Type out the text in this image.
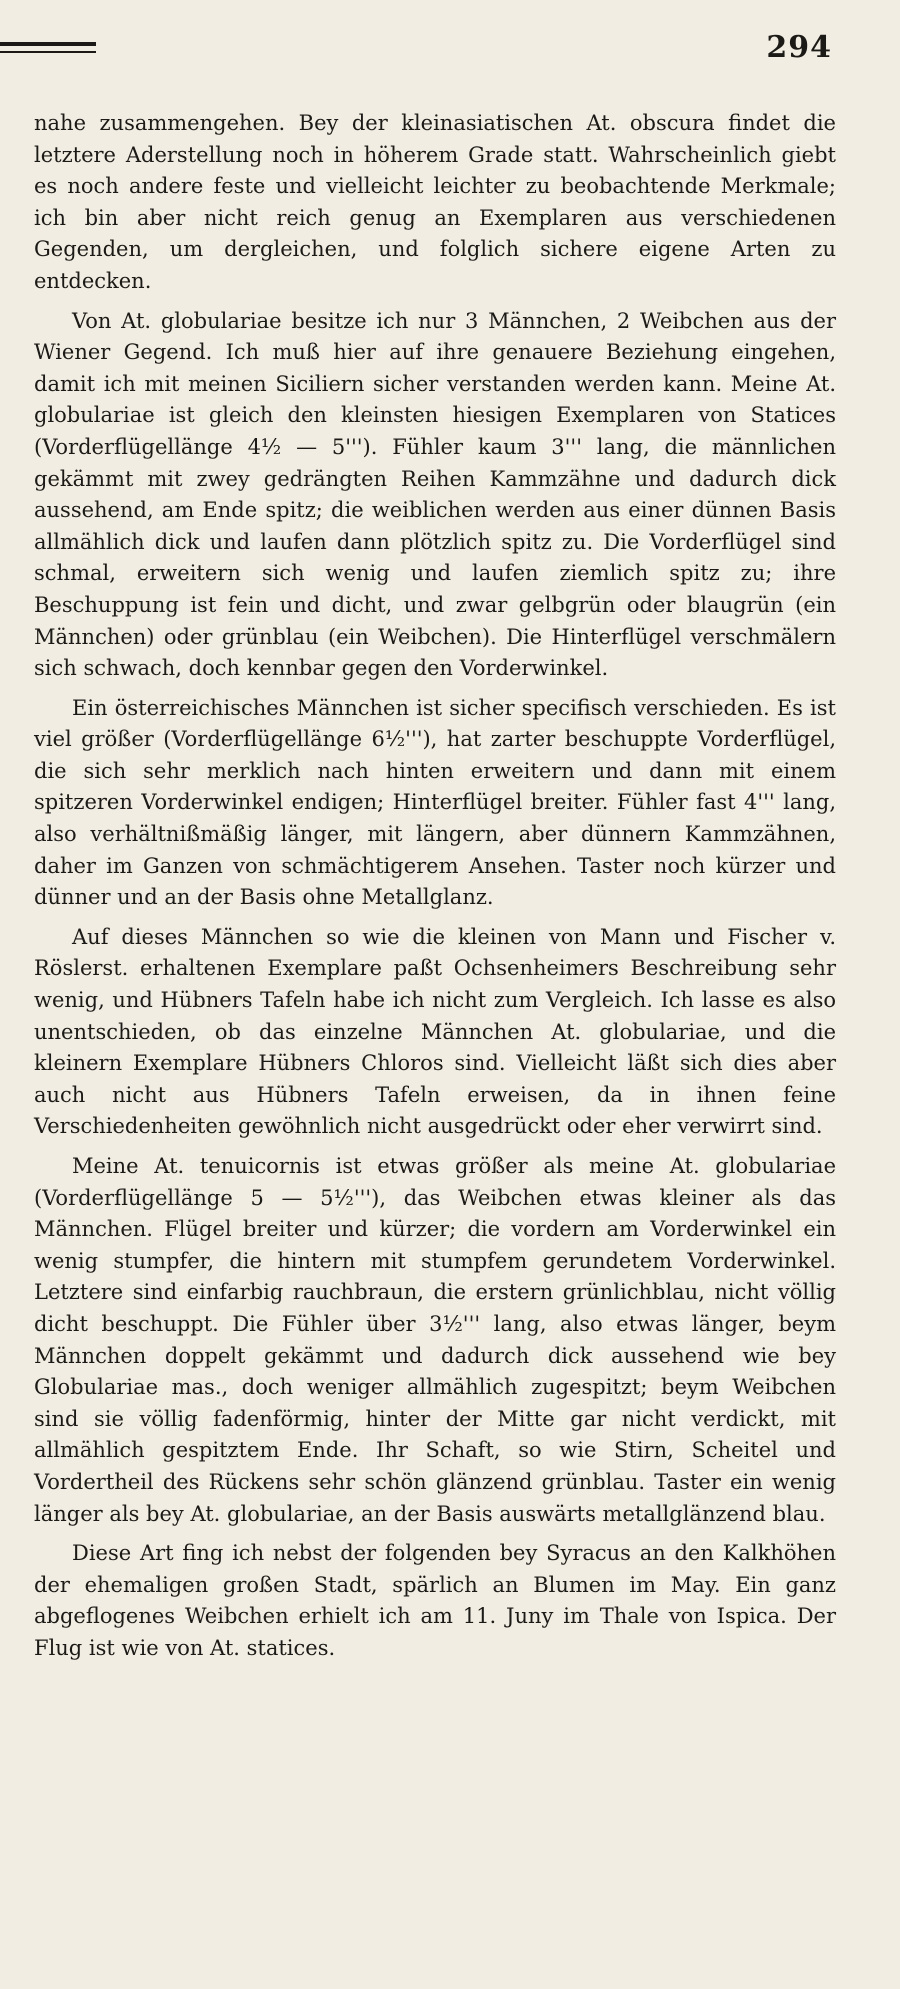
294

nahe zusammengehen. Bey der kleinasiatischen At. obscura findet die letztere Aderstellung noch in höherem Grade statt. Wahrscheinlich giebt es noch andere feste und vielleicht leichter zu beobachtende Merkmale; ich bin aber nicht reich genug an Exemplaren aus verschiedenen Gegenden, um dergleichen, und folglich sichere eigene Arten zu entdecken.

Von At. globulariae besitze ich nur 3 Männchen, 2 Weibchen aus der Wiener Gegend. Ich muß hier auf ihre genauere Beziehung eingehen, damit ich mit meinen Siciliern sicher verstanden werden kann. Meine At. globulariae ist gleich den kleinsten hiesigen Exemplaren von Statices (Vorderflügellänge 4½ — 5'''). Fühler kaum 3''' lang, die männlichen gekämmt mit zwey gedrängten Reihen Kammzähne und dadurch dick aussehend, am Ende spitz; die weiblichen werden aus einer dünnen Basis allmählich dick und laufen dann plötzlich spitz zu. Die Vorderflügel sind schmal, erweitern sich wenig und laufen ziemlich spitz zu; ihre Beschuppung ist fein und dicht, und zwar gelbgrün oder blaugrün (ein Männchen) oder grünblau (ein Weibchen). Die Hinterflügel verschmälern sich schwach, doch kennbar gegen den Vorderwinkel.

Ein österreichisches Männchen ist sicher specifisch verschieden. Es ist viel größer (Vorderflügellänge 6½'''), hat zarter beschuppte Vorderflügel, die sich sehr merklich nach hinten erweitern und dann mit einem spitzeren Vorderwinkel endigen; Hinterflügel breiter. Fühler fast 4''' lang, also verhältnißmäßig länger, mit längern, aber dünnern Kammzähnen, daher im Ganzen von schmächtigerem Ansehen. Taster noch kürzer und dünner und an der Basis ohne Metallglanz.

Auf dieses Männchen so wie die kleinen von Mann und Fischer v. Röslerst. erhaltenen Exemplare paßt Ochsenheimers Beschreibung sehr wenig, und Hübners Tafeln habe ich nicht zum Vergleich. Ich lasse es also unentschieden, ob das einzelne Männchen At. globulariae, und die kleinern Exemplare Hübners Chloros sind. Vielleicht läßt sich dies aber auch nicht aus Hübners Tafeln erweisen, da in ihnen feine Verschiedenheiten gewöhnlich nicht ausgedrückt oder eher verwirrt sind.

Meine At. tenuicornis ist etwas größer als meine At. globulariae (Vorderflügellänge 5 — 5½'''), das Weibchen etwas kleiner als das Männchen. Flügel breiter und kürzer; die vordern am Vorderwinkel ein wenig stumpfer, die hintern mit stumpfem gerundetem Vorderwinkel. Letztere sind einfarbig rauchbraun, die erstern grünlichblau, nicht völlig dicht beschuppt. Die Fühler über 3½''' lang, also etwas länger, beym Männchen doppelt gekämmt und dadurch dick aussehend wie bey Globulariae mas., doch weniger allmählich zugespitzt; beym Weibchen sind sie völlig fadenförmig, hinter der Mitte gar nicht verdickt, mit allmählich gespitztem Ende. Ihr Schaft, so wie Stirn, Scheitel und Vordertheil des Rückens sehr schön glänzend grünblau. Taster ein wenig länger als bey At. globulariae, an der Basis auswärts metallglänzend blau.

Diese Art fing ich nebst der folgenden bey Syracus an den Kalkhöhen der ehemaligen großen Stadt, spärlich an Blumen im May. Ein ganz abgeflogenes Weibchen erhielt ich am 11. Juny im Thale von Ispica. Der Flug ist wie von At. statices.
